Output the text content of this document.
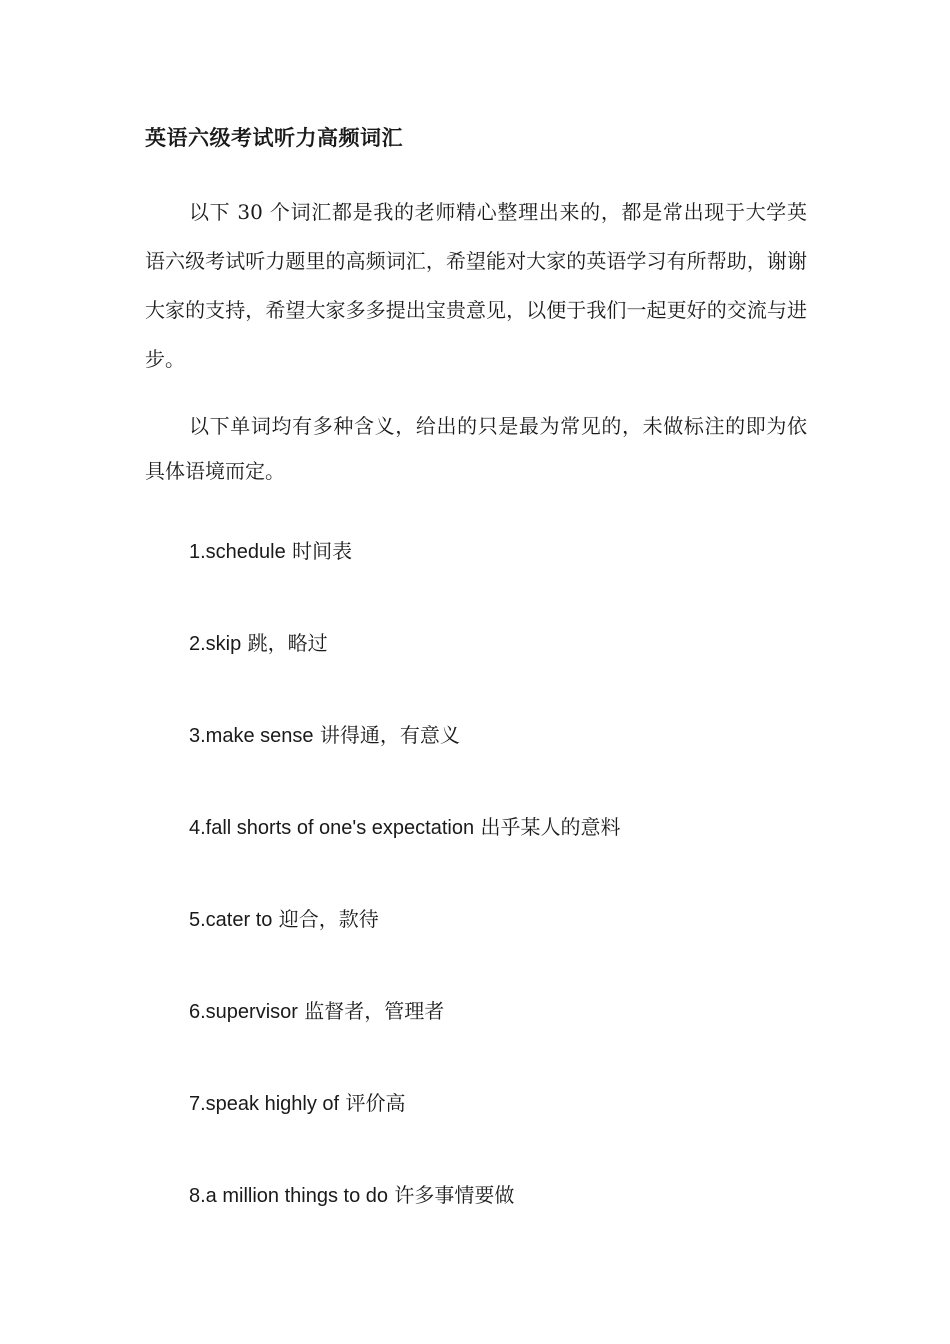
英语六级考试听力高频词汇

以下 30 个词汇都是我的老师精心整理出来的，都是常出现于大学英语六级考试听力题里的高频词汇，希望能对大家的英语学习有所帮助，谢谢大家的支持，希望大家多多提出宝贵意见，以便于我们一起更好的交流与进步。

以下单词均有多种含义，给出的只是最为常见的，未做标注的即为依具体语境而定。

1.schedule 时间表
2.skip 跳，略过
3.make sense 讲得通，有意义
4.fall shorts of one's expectation 出乎某人的意料
5.cater to 迎合，款待
6.supervisor 监督者，管理者
7.speak highly of 评价高
8.a million things to do 许多事情要做
